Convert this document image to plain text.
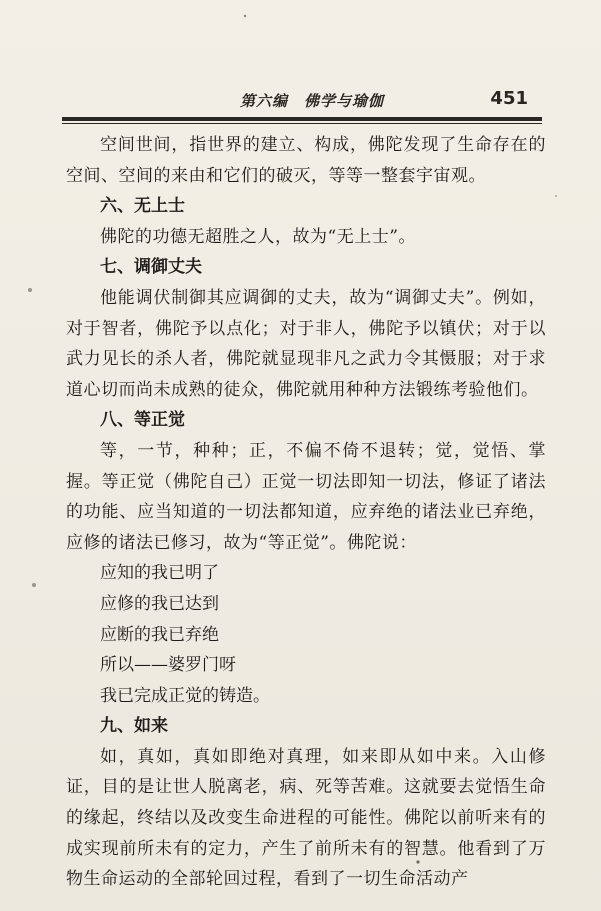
第六编　佛学与瑜伽	451

空间世间，指世界的建立、构成，佛陀发现了生命存在的空间、空间的来由和它们的破灭，等等一整套宇宙观。

六、无上士

佛陀的功德无超胜之人，故为“无上士”。

七、调御丈夫

他能调伏制御其应调御的丈夫，故为“调御丈夫”。例如，对于智者，佛陀予以点化；对于非人，佛陀予以镇伏；对于以武力见长的杀人者，佛陀就显现非凡之武力令其慑服；对于求道心切而尚未成熟的徒众，佛陀就用种种方法锻练考验他们。

八、等正觉

等，一节，种种；正，不偏不倚不退转；觉，觉悟、掌握。等正觉（佛陀自己）正觉一切法即知一切法，修证了诸法的功能、应当知道的一切法都知道，应弃绝的诸法业已弃绝，应修的诸法已修习，故为“等正觉”。佛陀说：

应知的我已明了

应修的我已达到

应断的我已弃绝

所以——婆罗门呀

我已完成正觉的铸造。

九、如来

如，真如，真如即绝对真理，如来即从如中来。入山修证，目的是让世人脱离老，病、死等苦难。这就要去觉悟生命的缘起，终结以及改变生命进程的可能性。佛陀以前听来有的成实现前所未有的定力，产生了前所未有的智慧。他看到了万物生命运动的全部轮回过程，看到了一切生命活动产
